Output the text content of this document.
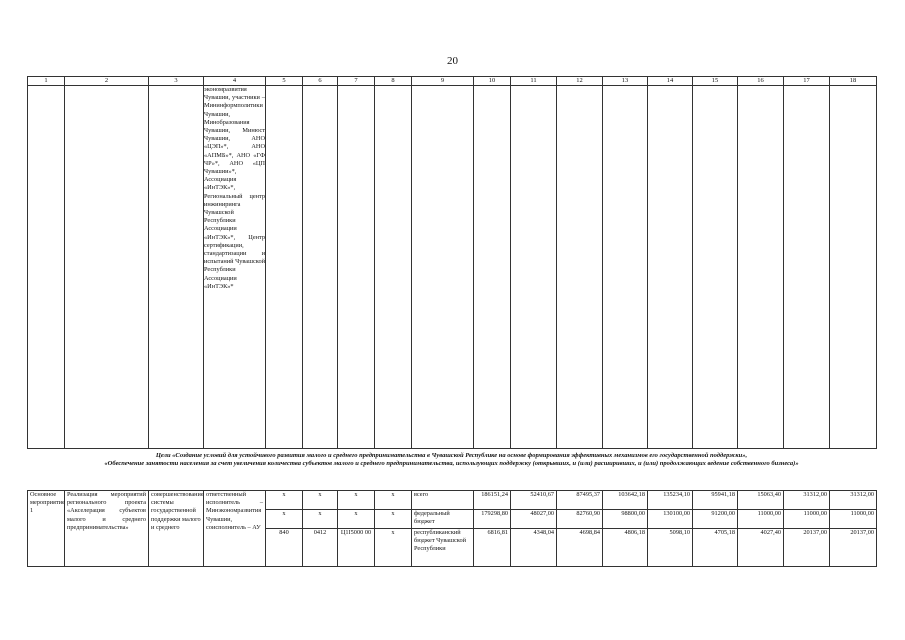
20
1	2	3	4	5	6	7	8	9	10	11	12	13	14	15	16	17	18
			экономразвития Чувашии, участники – Мининформполитики Чувашии, Минобразования Чувашии, Минюст Чувашии, АНО «ЦЭП»*, АНО «АПМБ»*, АНО «ГФ ЧР»*, АНО «ЦП Чувашии»*, Ассоциация «ИнТЭК»*, Региональный центр инжиниринга Чувашской Республики Ассоциации «ИнТЭК»*, Центр сертификации, стандартизации и испытаний Чувашской Республики Ассоциации «ИнТЭК»*														
Цели «Создание условий для устойчивого развития малого и среднего предпринимательства в Чувашской Республике на основе формирования эффективных механизмов его государственной поддержки»,
«Обеспечение занятости населения за счет увеличения количества субъектов малого и среднего предпринимательства, использующих поддержку (открывших, и (или) расширивших, и (или) продолжающих ведение собственного бизнеса)»
Основное мероприятие 1	Реализация мероприятий регионального проекта «Акселерация субъектов малого и среднего предпринимательства»	совершенствование системы государственной поддержки малого и среднего	ответственный исполнитель – Минэкономразвития Чувашии, соисполнитель – АУ	x	x	x	x	всего	186151,24	52410,67	87495,37	103642,18	135234,10	95941,18	15063,40	31312,00	31312,00
				x	x	x	x	федеральный бюджет	179298,80	48027,00	82760,90	98800,00	130100,00	91200,00	11000,00	11000,00	11000,00
				840	0412	Ц1I5000 00	x	республиканский бюджет Чувашской Республики	6816,81	4348,04	4698,84	4806,18	5098,10	4705,18	4027,40	20137,00	20137,00
